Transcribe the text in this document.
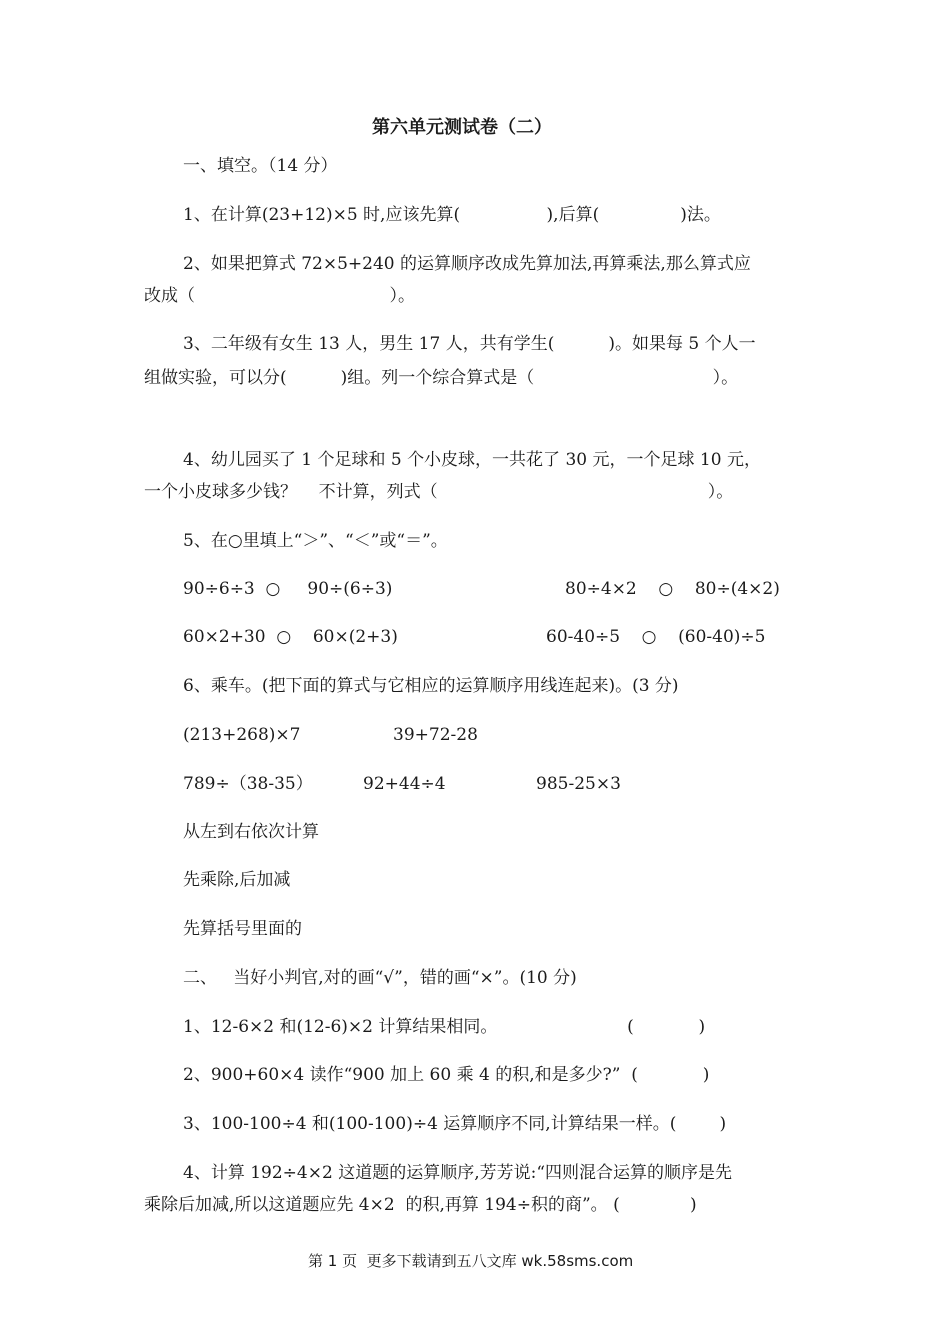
第六单元测试卷（二）
一、填空。（14 分）
1、在计算(23+12)×5 时,应该先算(                ),后算(               )法。
2、如果把算式 72×5+240 的运算顺序改成先算加法,再算乘法,那么算式应
改成（                                    ）。
3、二年级有女生 13 人，男生 17 人，共有学生(          )。如果每 5 个人一
组做实验，可以分(          )组。列一个综合算式是（                                 ）。
4、幼儿园买了 1 个足球和 5 个小皮球，一共花了 30 元，一个足球 10 元，
一个小皮球多少钱？    不计算，列式（                                                  ）。
5、在○里填上“＞”、“＜”或“＝”。
90÷6÷3  ○     90÷(6÷3)	80÷4×2    ○    80÷(4×2)
60×2+30  ○    60×(2+3)	60-40÷5    ○    (60-40)÷5
6、乘车。(把下面的算式与它相应的运算顺序用线连起来)。(3 分)
(213+268)×7	39+72-28
789÷（38-35）	92+44÷4	985-25×3
从左到右依次计算
先乘除,后加减
先算括号里面的
二、   当好小判官,对的画“√”，错的画“×”。(10 分)
1、12-6×2 和(12-6)×2 计算结果相同。                        (            )
2、900+60×4 读作“900 加上 60 乘 4 的积,和是多少?”  (            )
3、100-100÷4 和(100-100)÷4 运算顺序不同,计算结果一样。(        )
4、计算 192÷4×2 这道题的运算顺序,芳芳说:“四则混合运算的顺序是先
乘除后加减,所以这道题应先 4×2  的积,再算 194÷积的商”。 (             )
第 1 页  更多下载请到五八文库 wk.58sms.com
